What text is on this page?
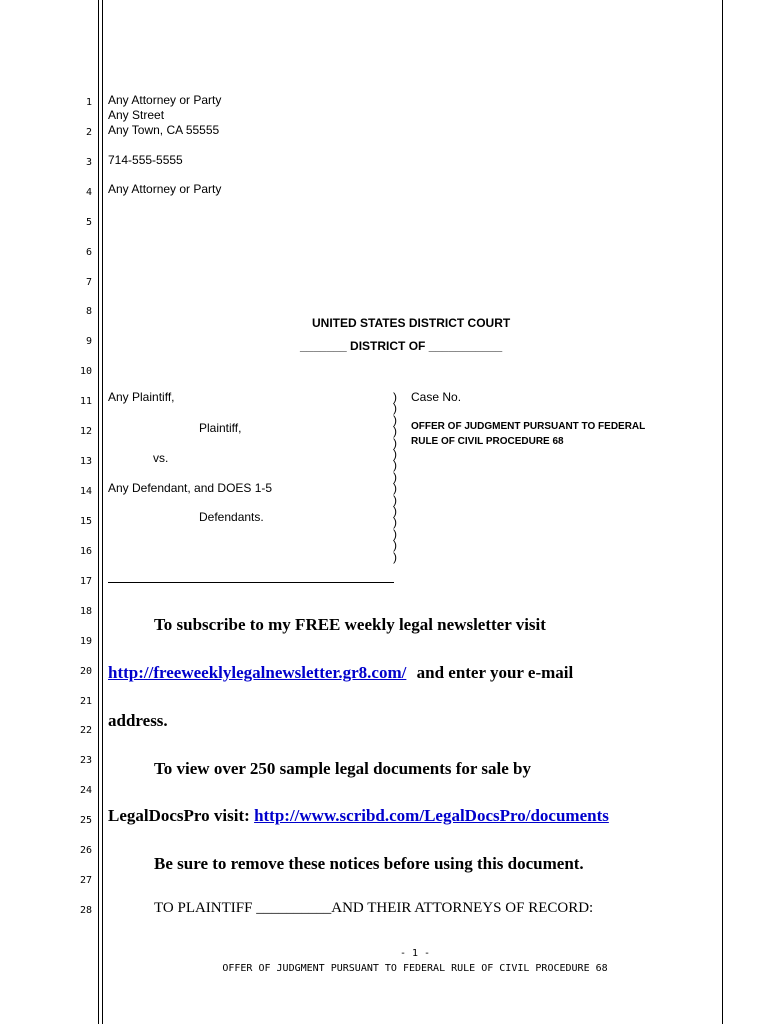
1
2
3
4
5
6
7
8
9
10
11
12
13
14
15
16
17
18
19
20
21
22
23
24
25
26
27
28
Any Attorney or Party
Any Street
Any Town, CA 55555
714-555-5555
Any Attorney or Party
UNITED STATES DISTRICT COURT
_______ DISTRICT OF ___________
Any Plaintiff,
Plaintiff,
vs.
Any Defendant, and DOES 1-5
Defendants.
)
)
)
)
)
)
)
)
)
)
)
)
)
)
)
Case No.
OFFER OF JUDGMENT PURSUANT TO FEDERAL
RULE OF CIVIL PROCEDURE 68
To subscribe to my FREE weekly legal newsletter visit
http://freeweeklylegalnewsletter.gr8.com/ and enter your e-mail
address.
To view over 250 sample legal documents for sale by
LegalDocsPro visit: http://www.scribd.com/LegalDocsPro/documents
Be sure to remove these notices before using this document.
TO PLAINTIFF __________AND THEIR ATTORNEYS OF RECORD:
- 1 -
OFFER OF JUDGMENT PURSUANT TO FEDERAL RULE OF CIVIL PROCEDURE 68
